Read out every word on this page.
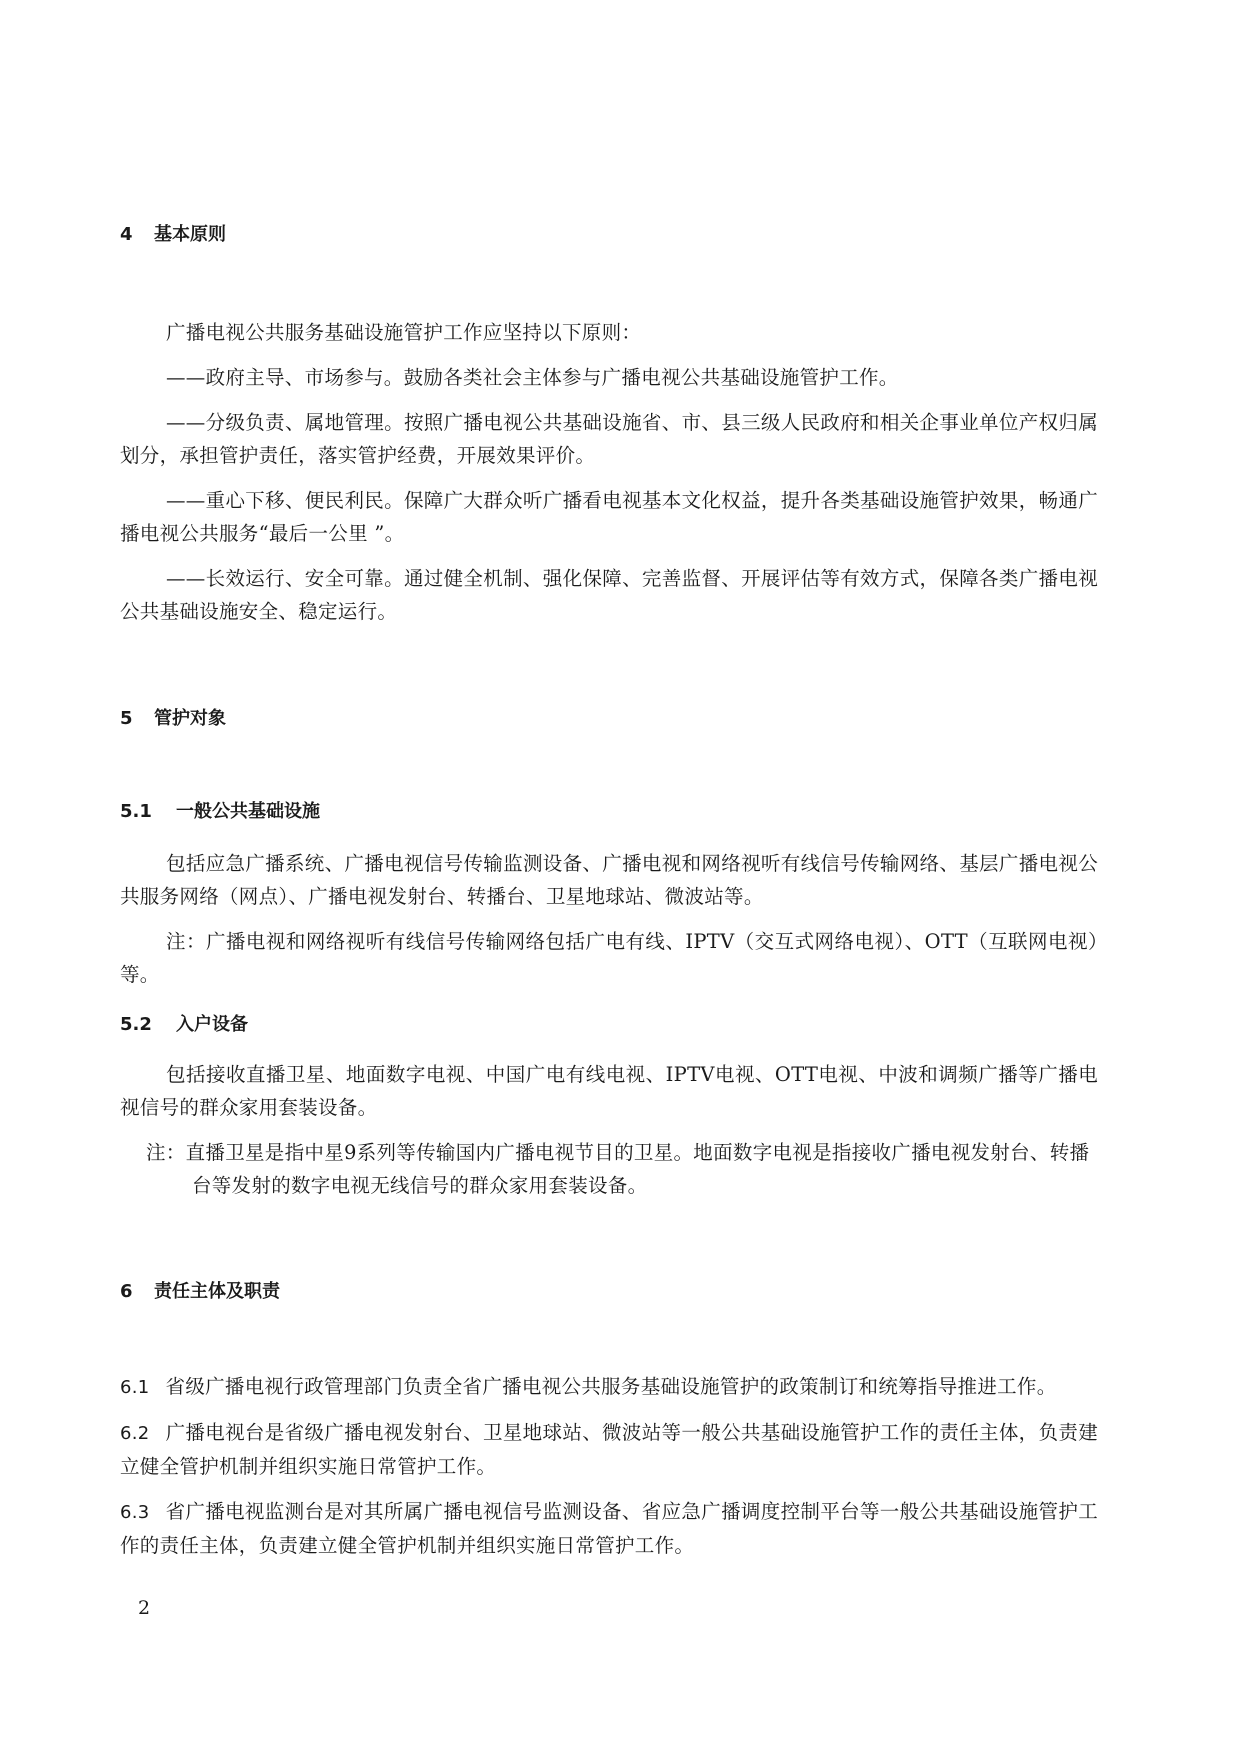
4 基本原则

广播电视公共服务基础设施管护工作应坚持以下原则：

——政府主导、市场参与。鼓励各类社会主体参与广播电视公共基础设施管护工作。

——分级负责、属地管理。按照广播电视公共基础设施省、市、县三级人民政府和相关企事业单位产权归属划分，承担管护责任，落实管护经费，开展效果评价。

——重心下移、便民利民。保障广大群众听广播看电视基本文化权益，提升各类基础设施管护效果，畅通广播电视公共服务“最后一公里 ”。

——长效运行、安全可靠。通过健全机制、强化保障、完善监督、开展评估等有效方式，保障各类广播电视公共基础设施安全、稳定运行。

5 管护对象
5.1 一般公共基础设施

包括应急广播系统、广播电视信号传输监测设备、广播电视和网络视听有线信号传输网络、基层广播电视公共服务网络（网点）、广播电视发射台、转播台、卫星地球站、微波站等。

注：广播电视和网络视听有线信号传输网络包括广电有线、IPTV（交互式网络电视）、OTT（互联网电视）等。

5.2 入户设备

包括接收直播卫星、地面数字电视、中国广电有线电视、IPTV电视、OTT电视、中波和调频广播等广播电视信号的群众家用套装设备。

注：直播卫星是指中星9系列等传输国内广播电视节目的卫星。地面数字电视是指接收广播电视发射台、转播台等发射的数字电视无线信号的群众家用套装设备。

6 责任主体及职责

6.1 省级广播电视行政管理部门负责全省广播电视公共服务基础设施管护的政策制订和统筹指导推进工作。

6.2 广播电视台是省级广播电视发射台、卫星地球站、微波站等一般公共基础设施管护工作的责任主体，负责建立健全管护机制并组织实施日常管护工作。

6.3 省广播电视监测台是对其所属广播电视信号监测设备、省应急广播调度控制平台等一般公共基础设施管护工作的责任主体，负责建立健全管护机制并组织实施日常管护工作。

2
